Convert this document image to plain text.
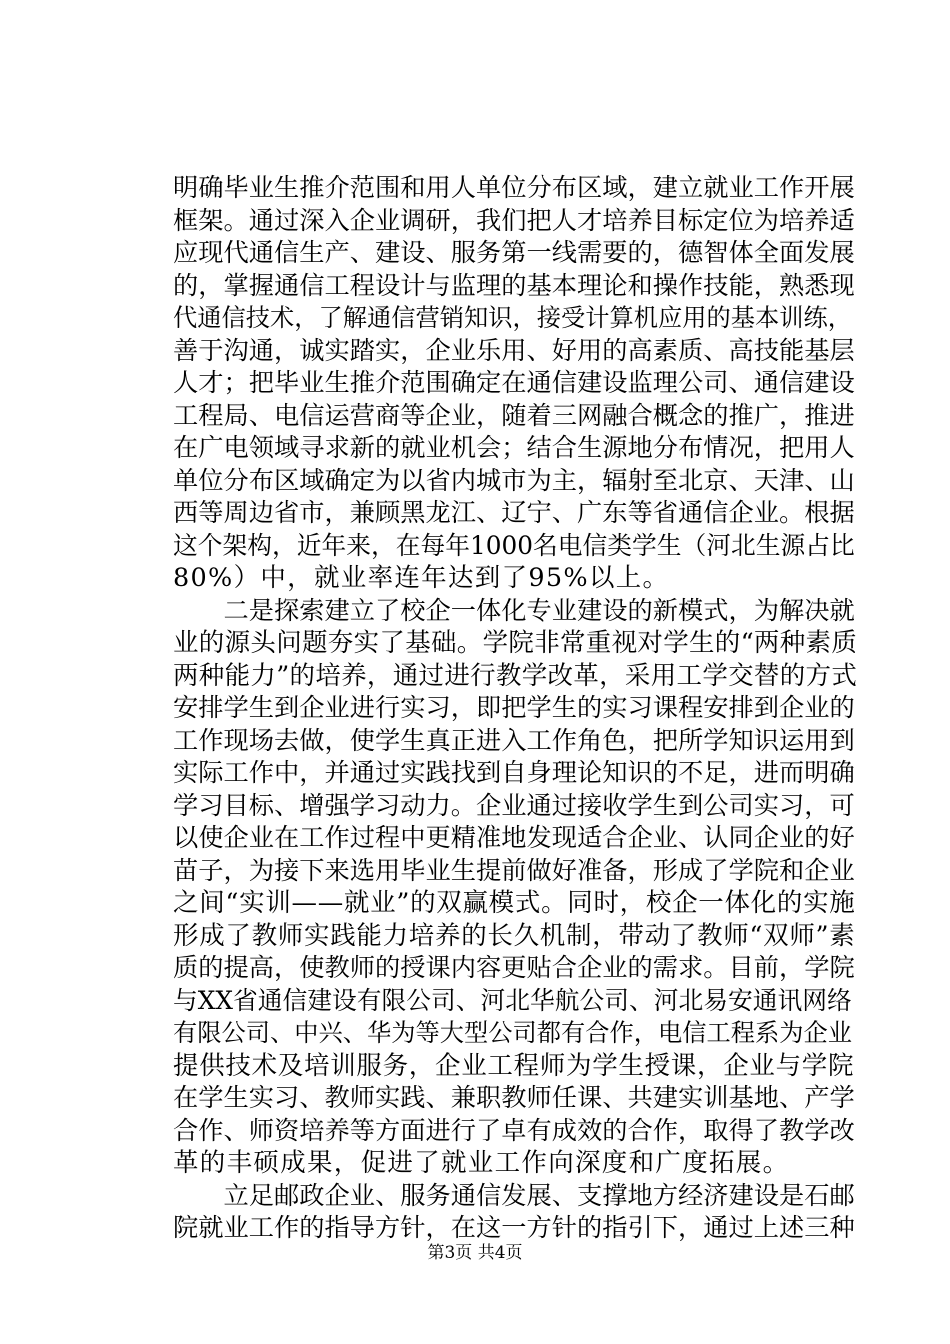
明确毕业生推介范围和用人单位分布区域，建立就业工作开展
框架。通过深入企业调研，我们把人才培养目标定位为培养适
应现代通信生产、建设、服务第一线需要的，德智体全面发展
的，掌握通信工程设计与监理的基本理论和操作技能，熟悉现
代通信技术，了解通信营销知识，接受计算机应用的基本训练，
善于沟通，诚实踏实，企业乐用、好用的高素质、高技能基层
人才；把毕业生推介范围确定在通信建设监理公司、通信建设
工程局、电信运营商等企业，随着三网融合概念的推广，推进
在广电领域寻求新的就业机会；结合生源地分布情况，把用人
单位分布区域确定为以省内城市为主，辐射至北京、天津、山
西等周边省市，兼顾黑龙江、辽宁、广东等省通信企业。根据
这个架构，近年来，在每年1000名电信类学生（河北生源占比
80%）中，就业率连年达到了95%以上。
　　二是探索建立了校企一体化专业建设的新模式，为解决就
业的源头问题夯实了基础。学院非常重视对学生的“两种素质
两种能力”的培养，通过进行教学改革，采用工学交替的方式
安排学生到企业进行实习，即把学生的实习课程安排到企业的
工作现场去做，使学生真正进入工作角色，把所学知识运用到
实际工作中，并通过实践找到自身理论知识的不足，进而明确
学习目标、增强学习动力。企业通过接收学生到公司实习，可
以使企业在工作过程中更精准地发现适合企业、认同企业的好
苗子，为接下来选用毕业生提前做好准备，形成了学院和企业
之间“实训——就业”的双赢模式。同时，校企一体化的实施
形成了教师实践能力培养的长久机制，带动了教师“双师”素
质的提高，使教师的授课内容更贴合企业的需求。目前，学院
与XX省通信建设有限公司、河北华航公司、河北易安通讯网络
有限公司、中兴、华为等大型公司都有合作，电信工程系为企业
提供技术及培训服务，企业工程师为学生授课，企业与学院
在学生实习、教师实践、兼职教师任课、共建实训基地、产学
合作、师资培养等方面进行了卓有成效的合作，取得了教学改
革的丰硕成果，促进了就业工作向深度和广度拓展。
　　立足邮政企业、服务通信发展、支撑地方经济建设是石邮
院就业工作的指导方针，在这一方针的指引下，通过上述三种
第3页 共4页
